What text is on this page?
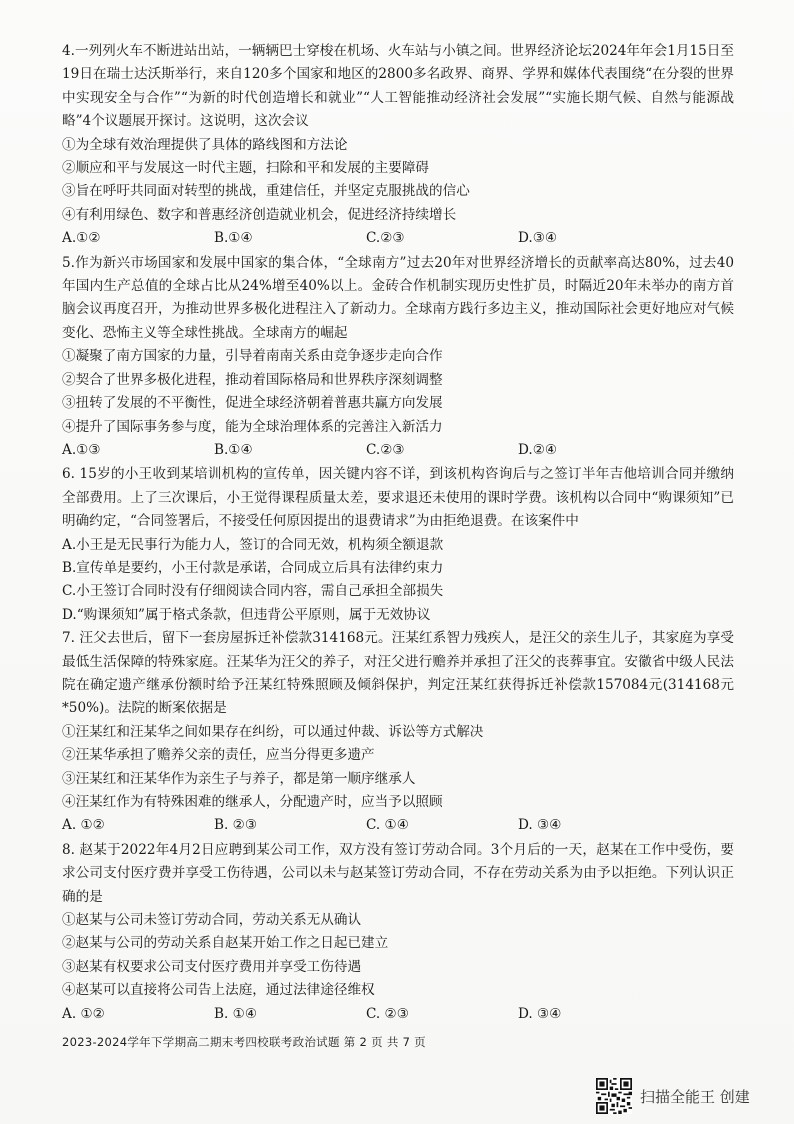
4.一列列火车不断进站出站，一辆辆巴士穿梭在机场、火车站与小镇之间。世界经济论坛2024年年会1月15日至19日在瑞士达沃斯举行，来自120多个国家和地区的2800多名政界、商界、学界和媒体代表围绕“在分裂的世界中实现安全与合作”“为新的时代创造增长和就业”“人工智能推动经济社会发展”“实施长期气候、自然与能源战略”4个议题展开探讨。这说明，这次会议

①为全球有效治理提供了具体的路线图和方法论

②顺应和平与发展这一时代主题，扫除和平和发展的主要障碍

③旨在呼吁共同面对转型的挑战，重建信任，并坚定克服挑战的信心

④有利用绿色、数字和普惠经济创造就业机会，促进经济持续增长

A.①②	B.①④	C.②③	D.③④

5.作为新兴市场国家和发展中国家的集合体，“全球南方”过去20年对世界经济增长的贡献率高达80%，过去40年国内生产总值的全球占比从24%增至40%以上。金砖合作机制实现历史性扩员，时隔近20年未举办的南方首脑会议再度召开，为推动世界多极化进程注入了新动力。全球南方践行多边主义，推动国际社会更好地应对气候变化、恐怖主义等全球性挑战。全球南方的崛起

①凝聚了南方国家的力量，引导着南南关系由竞争逐步走向合作

②契合了世界多极化进程，推动着国际格局和世界秩序深刻调整

③扭转了发展的不平衡性，促进全球经济朝着普惠共赢方向发展

④提升了国际事务参与度，能为全球治理体系的完善注入新活力

A.①③	B.①④	C.②③	D.②④

6. 15岁的小王收到某培训机构的宣传单，因关键内容不详，到该机构咨询后与之签订半年吉他培训合同并缴纳全部费用。上了三次课后，小王觉得课程质量太差，要求退还未使用的课时学费。该机构以合同中“购课须知”已明确约定，“合同签署后，不接受任何原因提出的退费请求”为由拒绝退费。在该案件中

A.小王是无民事行为能力人，签订的合同无效，机构须全额退款

B.宣传单是要约，小王付款是承诺，合同成立后具有法律约束力

C.小王签订合同时没有仔细阅读合同内容，需自己承担全部损失

D.“购课须知”属于格式条款，但违背公平原则，属于无效协议

7. 汪父去世后，留下一套房屋拆迁补偿款314168元。汪某红系智力残疾人，是汪父的亲生儿子，其家庭为享受最低生活保障的特殊家庭。汪某华为汪父的养子，对汪父进行赡养并承担了汪父的丧葬事宜。安徽省中级人民法院在确定遗产继承份额时给予汪某红特殊照顾及倾斜保护，判定汪某红获得拆迁补偿款157084元(314168元*50%)。法院的断案依据是

①汪某红和汪某华之间如果存在纠纷，可以通过仲裁、诉讼等方式解决

②汪某华承担了赡养父亲的责任，应当分得更多遗产

③汪某红和汪某华作为亲生子与养子，都是第一顺序继承人

④汪某红作为有特殊困难的继承人，分配遗产时，应当予以照顾

A. ①②	B. ②③	C. ①④	D. ③④

8. 赵某于2022年4月2日应聘到某公司工作，双方没有签订劳动合同。3个月后的一天，赵某在工作中受伤，要求公司支付医疗费并享受工伤待遇，公司以未与赵某签订劳动合同，不存在劳动关系为由予以拒绝。下列认识正确的是

①赵某与公司未签订劳动合同，劳动关系无从确认

②赵某与公司的劳动关系自赵某开始工作之日起已建立

③赵某有权要求公司支付医疗费用并享受工伤待遇

④赵某可以直接将公司告上法庭，通过法律途径维权

A. ①②	B. ①④	C. ②③	D. ③④
2023-2024学年下学期高二期末考四校联考政治试题 第 2 页 共 7 页
扫描全能王 创建
